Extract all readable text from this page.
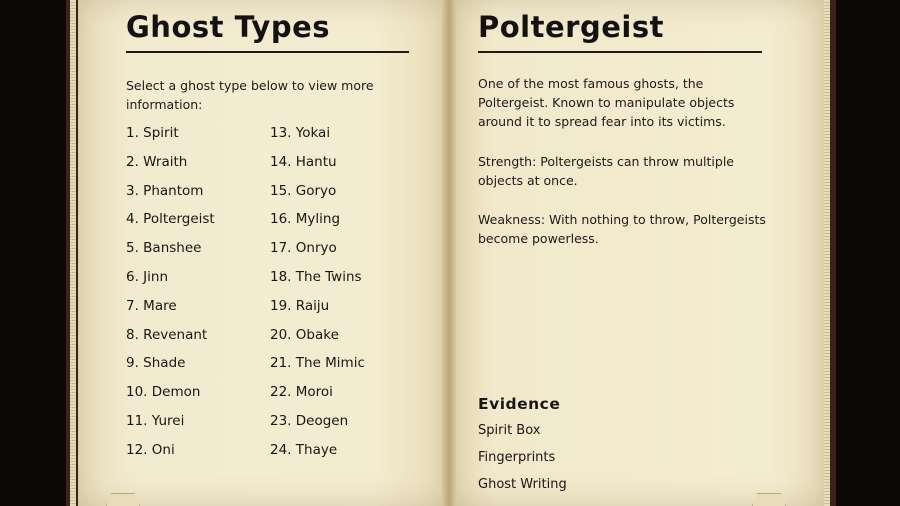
Ghost Types

Select a ghost type below to view more information:

1. Spirit
2. Wraith
3. Phantom
4. Poltergeist
5. Banshee
6. Jinn
7. Mare
8. Revenant
9. Shade
10. Demon
11. Yurei
12. Oni
13. Yokai
14. Hantu
15. Goryo
16. Myling
17. Onryo
18. The Twins
19. Raiju
20. Obake
21. The Mimic
22. Moroi
23. Deogen
24. Thaye
Poltergeist

One of the most famous ghosts, the Poltergeist. Known to manipulate objects around it to spread fear into its victims.

Strength: Poltergeists can throw multiple objects at once.

Weakness: With nothing to throw, Poltergeists become powerless.

Evidence
Spirit Box
Fingerprints
Ghost Writing
